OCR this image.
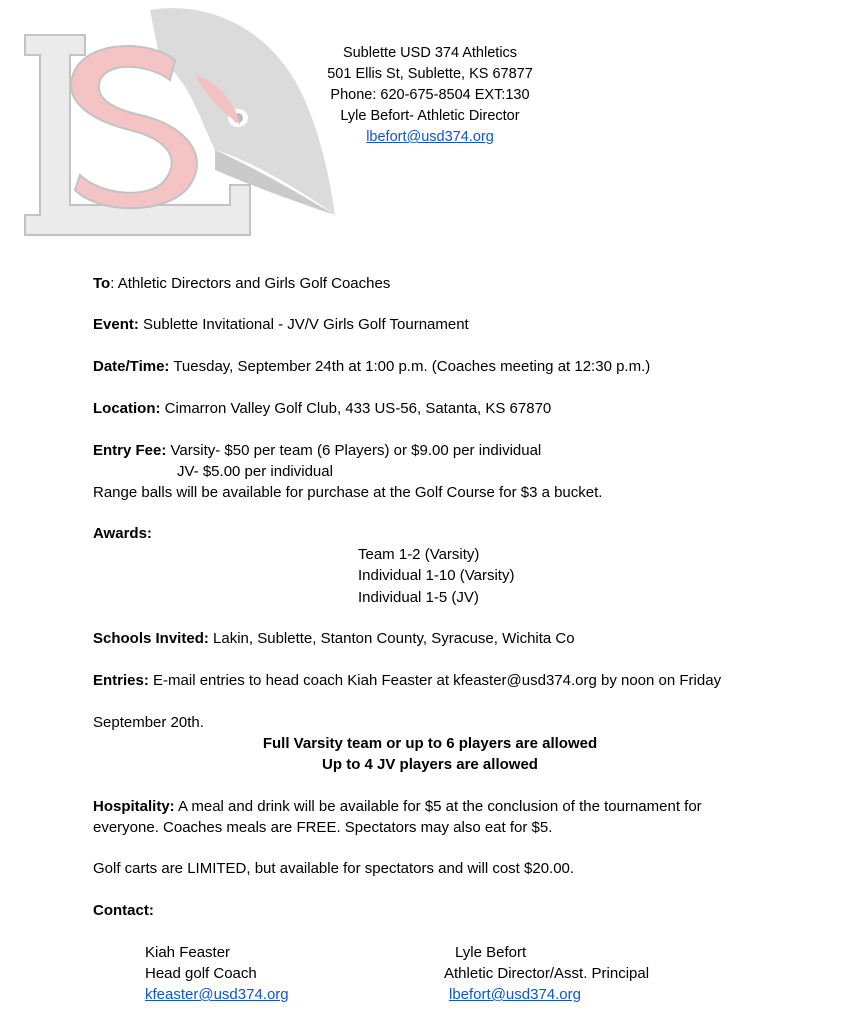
Sublette USD 374 Athletics
501 Ellis St, Sublette, KS 67877
Phone: 620-675-8504 EXT:130
Lyle Befort- Athletic Director
lbefort@usd374.org
To: Athletic Directors and Girls Golf Coaches
Event: Sublette Invitational - JV/V Girls Golf Tournament
Date/Time: Tuesday, September 24th at 1:00 p.m. (Coaches meeting at 12:30 p.m.)
Location: Cimarron Valley Golf Club, 433 US-56, Satanta, KS 67870
Entry Fee: Varsity- $50 per team (6 Players) or $9.00 per individual
JV- $5.00 per individual
Range balls will be available for purchase at the Golf Course for $3 a bucket.
Awards:
Team 1-2 (Varsity)
Individual 1-10 (Varsity)
Individual 1-5 (JV)
Schools Invited: Lakin, Sublette, Stanton County, Syracuse, Wichita Co
Entries: E-mail entries to head coach Kiah Feaster at kfeaster@usd374.org by noon on Friday
September 20th.
Full Varsity team or up to 6 players are allowed
Up to 4 JV players are allowed
Hospitality: A meal and drink will be available for $5 at the conclusion of the tournament for
everyone. Coaches meals are FREE. Spectators may also eat for $5.
Golf carts are LIMITED, but available for spectators and will cost $20.00.
Contact:
Kiah Feaster
Head golf Coach
kfeaster@usd374.org
Lyle Befort
Athletic Director/Asst. Principal
lbefort@usd374.org
